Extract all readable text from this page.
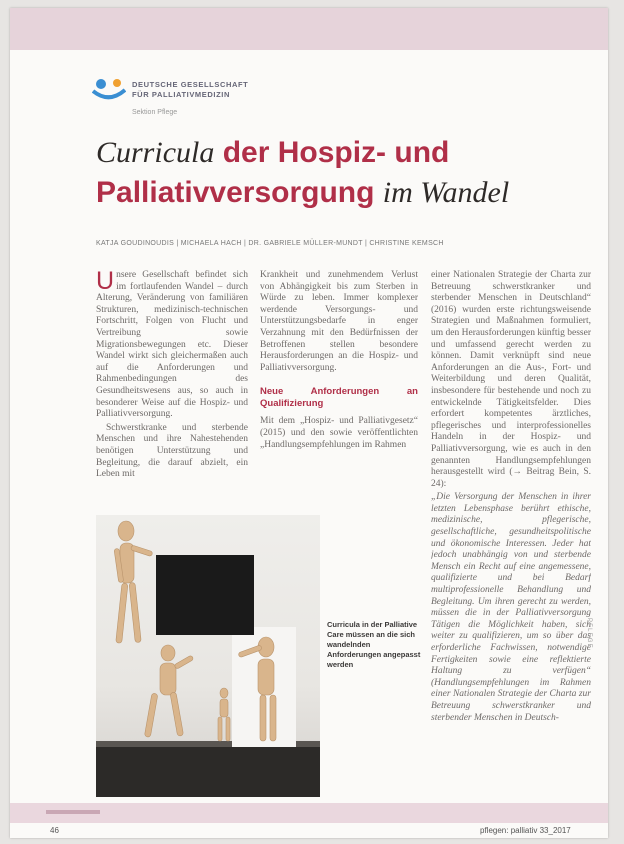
DEUTSCHE GESELLSCHAFT
FÜR PALLIATIVMEDIZIN
Sektion Pflege
Curricula der Hospiz- und
Palliativversorgung im Wandel
KATJA GOUDINOUDIS | MICHAELA HACH | DR. GABRIELE MÜLLER-MUNDT | CHRISTINE KEMSCH

Unsere Gesellschaft befindet sich im fortlaufenden Wandel – durch Alterung, Veränderung von familiären Strukturen, medizinisch-technischen Fortschritt, Folgen von Flucht und Vertreibung sowie Migrationsbewegungen etc. Dieser Wandel wirkt sich gleichermaßen auch auf die Anforderungen und Rahmenbedingungen des Gesundheitswesens aus, so auch in besonderer Weise auf die Hospiz- und Palliativversorgung.

Schwerstkranke und sterbende Menschen und ihre Nahestehenden benötigen Unterstützung und Begleitung, die darauf abzielt, ein Leben mit

Krankheit und zunehmendem Verlust von Abhängigkeit bis zum Sterben in Würde zu leben. Immer komplexer werdende Versorgungs- und Unterstützungsbedarfe in enger Verzahnung mit den Bedürfnissen der Betroffenen stellen besondere Herausforderungen an die Hospiz- und Palliativversorgung.

Neue Anforderungen an Qualifizierung

Mit dem „Hospiz- und Palliativgesetz“ (2015) und den sowie veröffentlichten „Handlungsempfehlungen im Rahmen

einer Nationalen Strategie der Charta zur Betreuung schwerstkranker und sterbender Menschen in Deutschland“ (2016) wurden erste richtungsweisende Strategien und Maßnahmen formuliert, um den Herausforderungen künftig besser und umfassend gerecht werden zu können. Damit verknüpft sind neue Anforderungen an die Aus-, Fort- und Weiterbildung und deren Qualität, insbesondere für bestehende und noch zu entwickelnde Tätigkeitsfelder. Dies erfordert kompetentes ärztliches, pflegerisches und interprofessionelles Handeln in der Hospiz- und Palliativversorgung, wie es auch in den genannten Handlungsempfehlungen herausgestellt wird (→ Beitrag Bein, S. 24):

„Die Versorgung der Menschen in ihrer letzten Lebensphase berührt ethische, medizinische, pflegerische, gesellschaftliche, gesundheitspolitische und ökonomische Interessen. Jeder hat jedoch unabhängig von und sterbende Mensch ein Recht auf eine angemessene, qualifizierte und bei Bedarf multiprofessionelle Behandlung und Begleitung. Um ihren gerecht zu werden, müssen die in der Palliativversorgung Tätigen die Möglichkeit haben, sich weiter zu qualifizieren, um so über das erforderliche Fachwissen, notwendige Fertigkeiten sowie eine reflektierte Haltung zu verfügen“ (Handlungsempfehlungen im Rahmen einer Nationalen Strategie der Charta zur Betreuung schwerstkranker und sterbender Menschen in Deutsch-

Curricula in der Palliative Care müssen an die sich wandelnden Anforderungen angepasst werden
PFLEGE
46	pflegen: palliativ 33_2017
